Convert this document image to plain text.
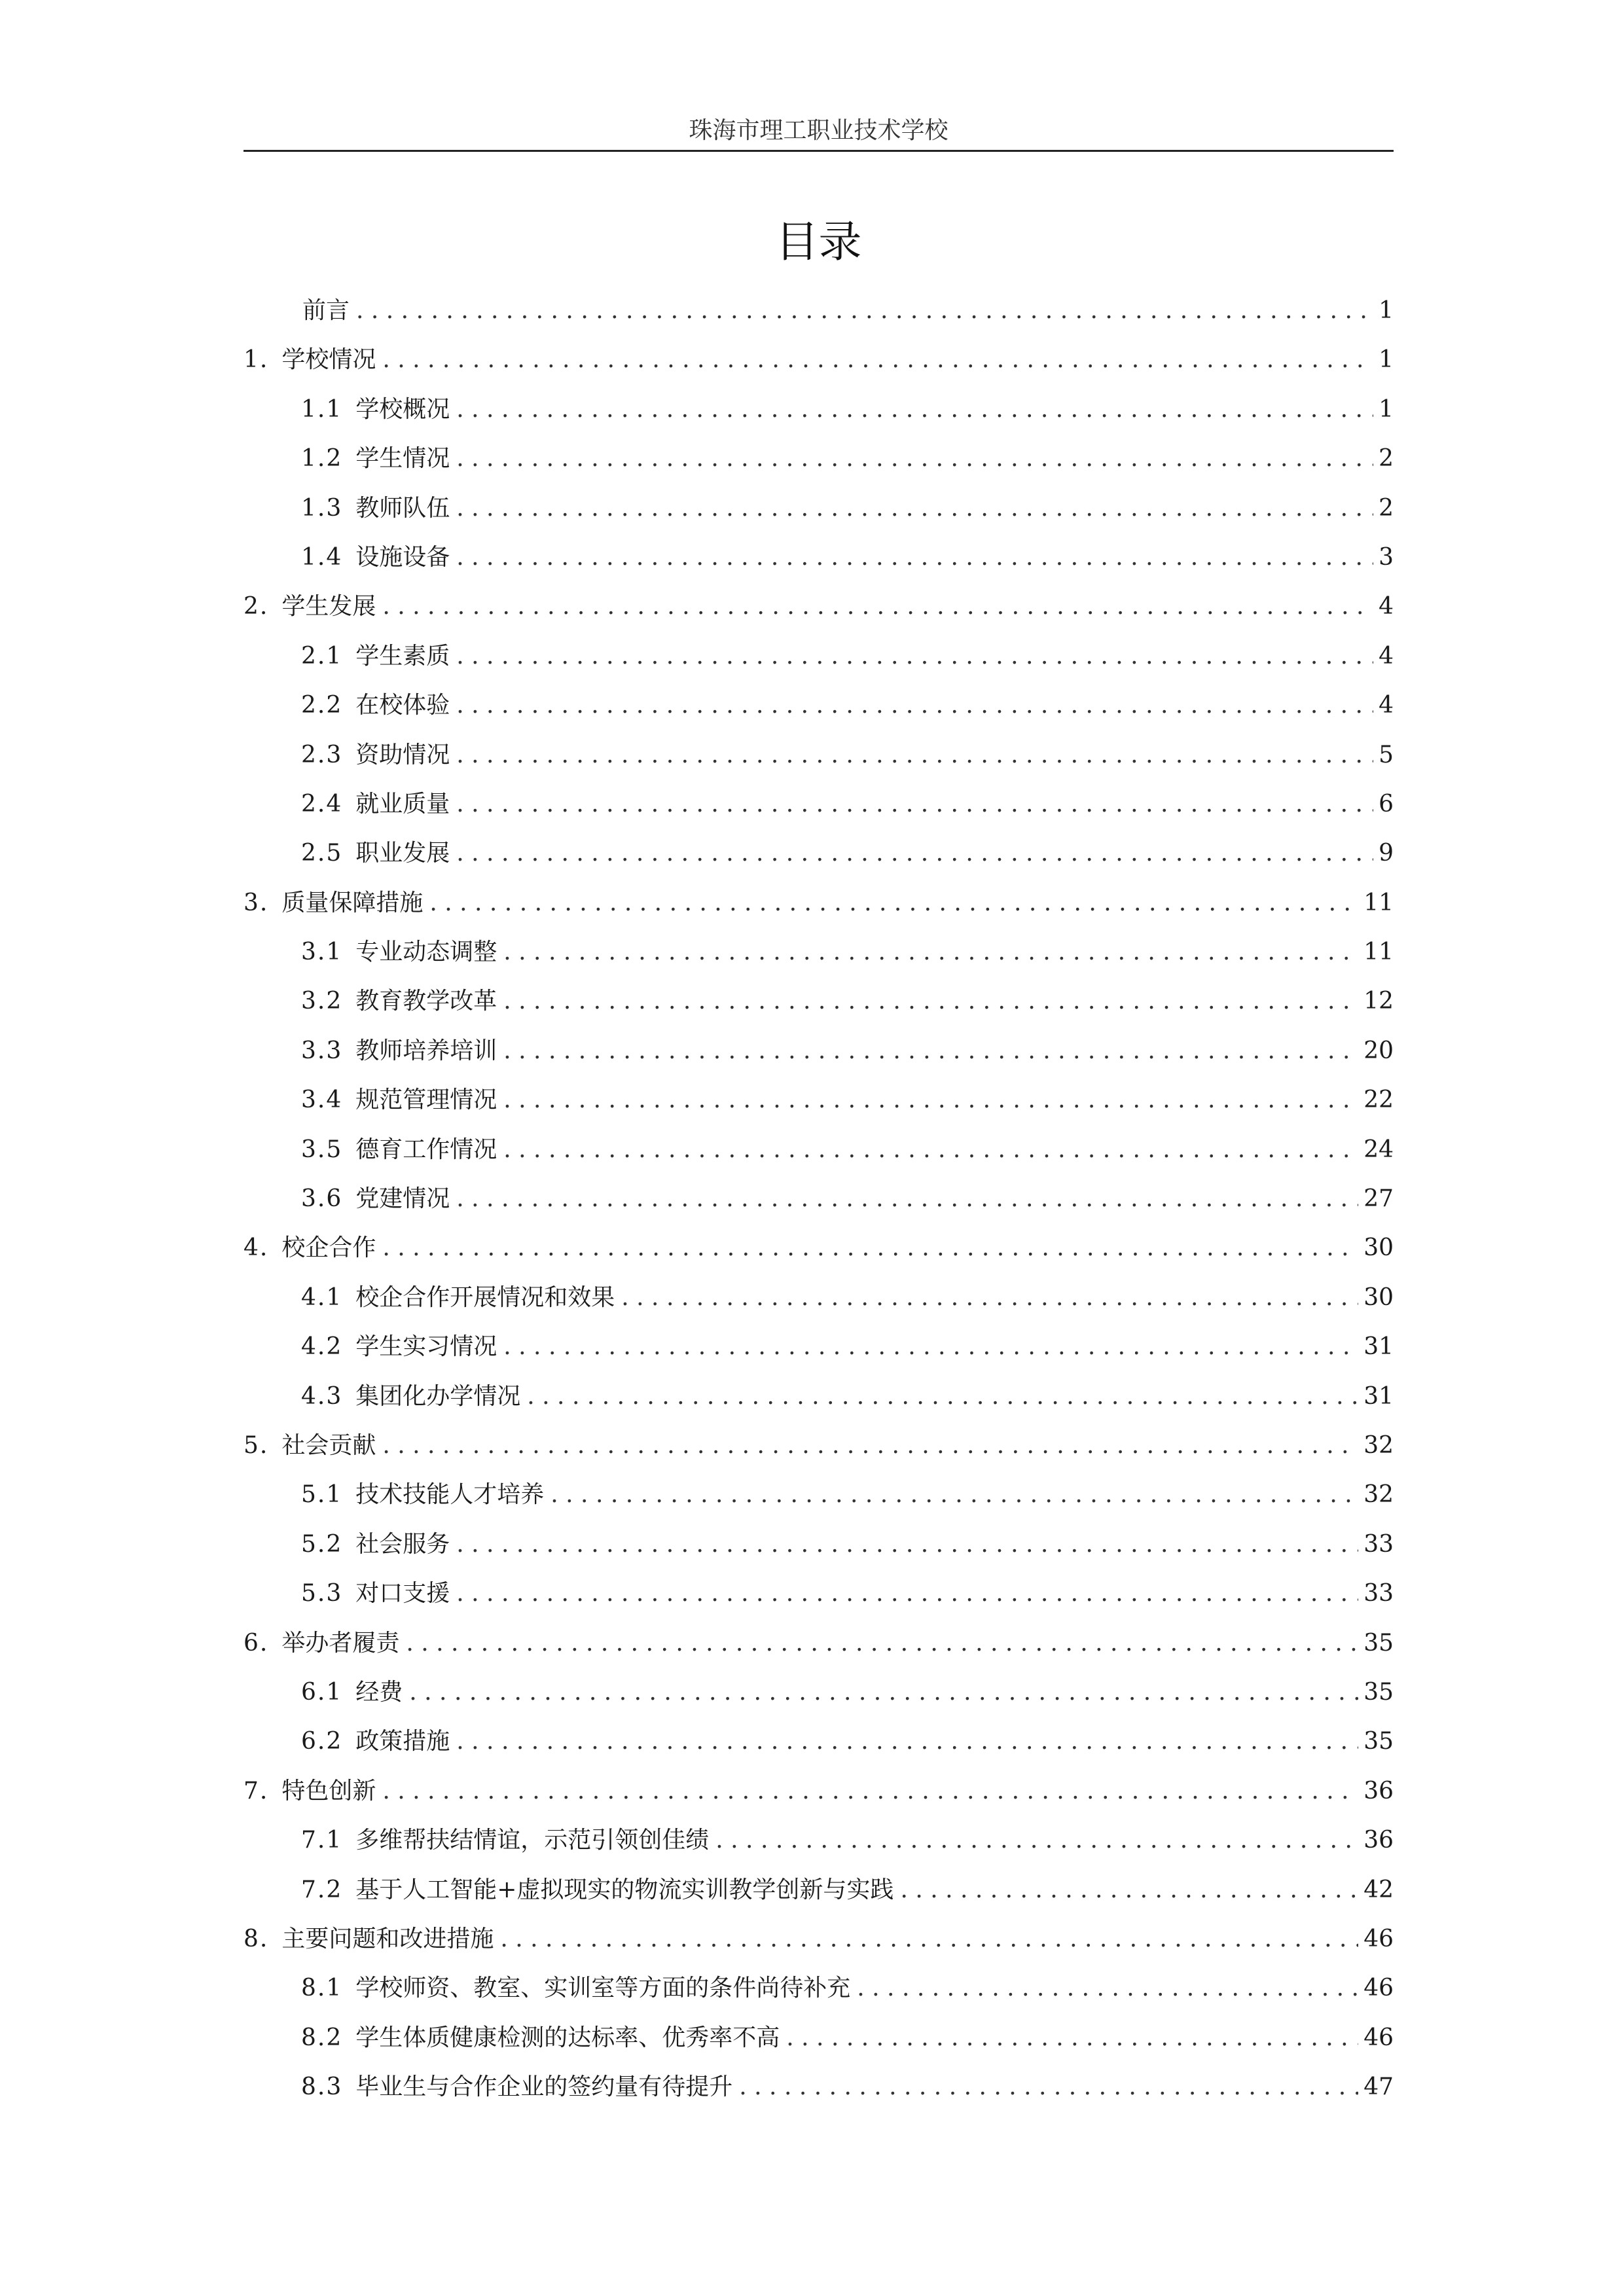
珠海市理工职业技术学校
目录
前言 . . .	1
1. 学校情况 . . .	1
1.1 学校概况 . . .	1
1.2 学生情况 . . .	2
1.3 教师队伍 . . .	2
1.4 设施设备 . . .	3
2. 学生发展 . . .	4
2.1 学生素质 . . .	4
2.2 在校体验 . . .	4
2.3 资助情况 . . .	5
2.4 就业质量 . . .	6
2.5 职业发展 . . .	9
3. 质量保障措施 . . .	11
3.1 专业动态调整 . . .	11
3.2 教育教学改革 . . .	12
3.3 教师培养培训 . . .	20
3.4 规范管理情况 . . .	22
3.5 德育工作情况 . . .	24
3.6 党建情况 . . .	27
4. 校企合作 . . .	30
4.1 校企合作开展情况和效果 . . .	30
4.2 学生实习情况 . . .	31
4.3 集团化办学情况 . . .	31
5. 社会贡献 . . .	32
5.1 技术技能人才培养 . . .	32
5.2 社会服务 . . .	33
5.3 对口支援 . . .	33
6. 举办者履责 . . .	35
6.1 经费 . . .	35
6.2 政策措施 . . .	35
7. 特色创新 . . .	36
7.1 多维帮扶结情谊，示范引领创佳绩 . . .	36
7.2 基于人工智能+虚拟现实的物流实训教学创新与实践 . . .	42
8. 主要问题和改进措施 . . .	46
8.1 学校师资、教室、实训室等方面的条件尚待补充 . . .	46
8.2 学生体质健康检测的达标率、优秀率不高 . . .	46
8.3 毕业生与合作企业的签约量有待提升 . . .	47
